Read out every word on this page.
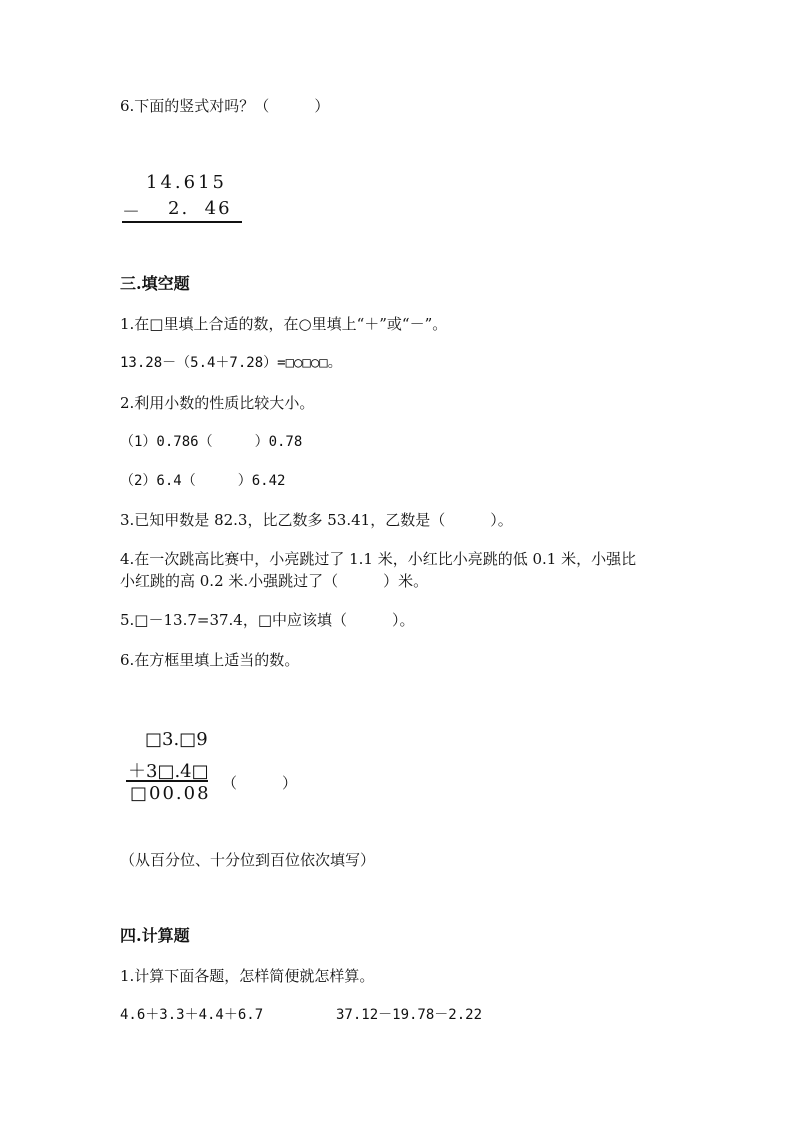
6.下面的竖式对吗？（　　　）
14.615
－ 2.  46
三.填空题
1.在□里填上合适的数，在○里填上“＋”或“－”。
13.28－（5.4＋7.28）=□○□○□。
2.利用小数的性质比较大小。
（1）0.786（　　　）0.78
（2）6.4（　　　）6.42
3.已知甲数是 82.3，比乙数多 53.41，乙数是（　　　）。
4.在一次跳高比赛中，小亮跳过了 1.1 米，小红比小亮跳的低 0.1 米，小强比
小红跳的高 0.2 米.小强跳过了（　　　）米。
5.□－13.7=37.4，□中应该填（　　　）。
6.在方框里填上适当的数。
□3.□9
＋3□.4□
□00.08 （　　　）
（从百分位、十分位到百位依次填写）
四.计算题
1.计算下面各题，怎样简便就怎样算。
4.6＋3.3＋4.4＋6.7	37.12－19.78－2.22
